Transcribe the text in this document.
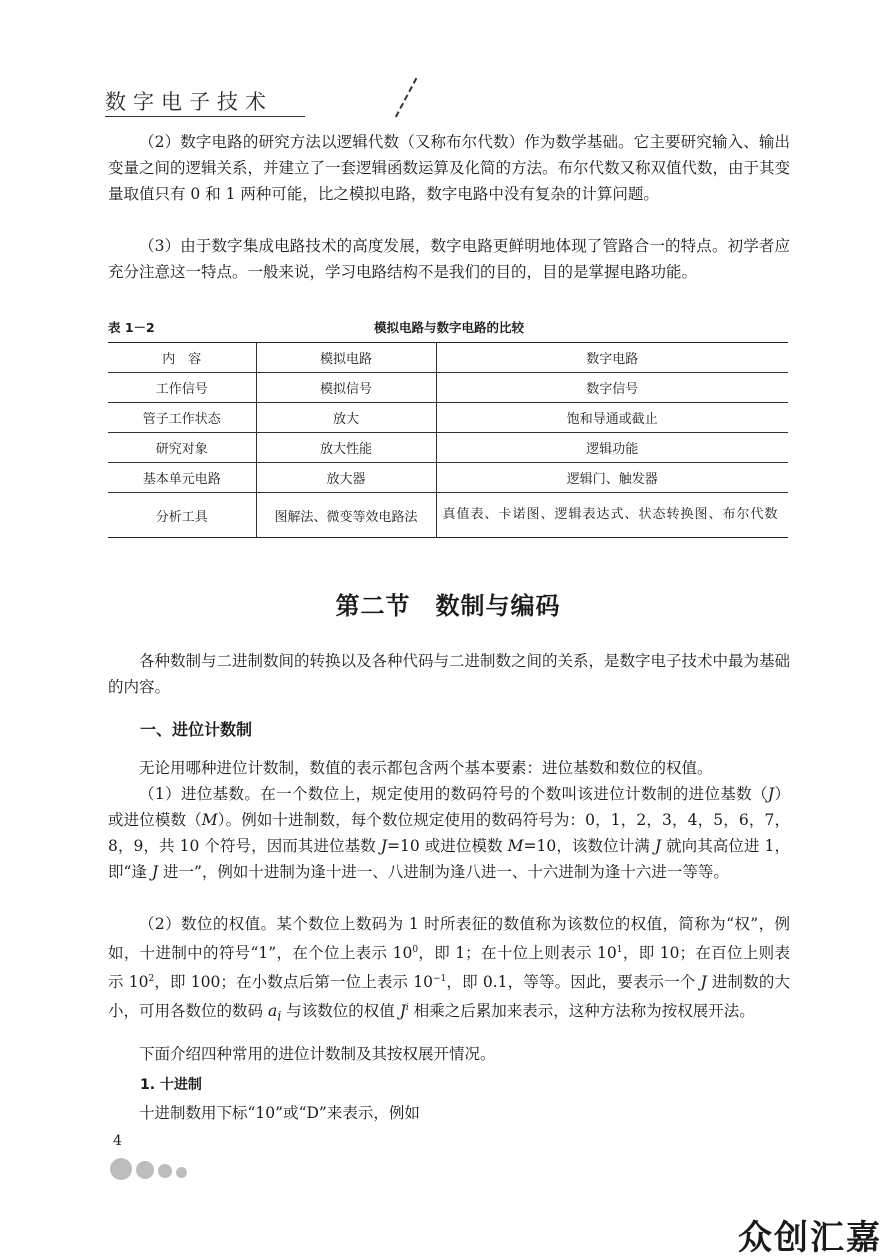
数字电子技术

（2）数字电路的研究方法以逻辑代数（又称布尔代数）作为数学基础。它主要研究输入、输出变量之间的逻辑关系，并建立了一套逻辑函数运算及化简的方法。布尔代数又称双值代数，由于其变量取值只有 0 和 1 两种可能，比之模拟电路，数字电路中没有复杂的计算问题。

（3）由于数字集成电路技术的高度发展，数字电路更鲜明地体现了管路合一的特点。初学者应充分注意这一特点。一般来说，学习电路结构不是我们的目的，目的是掌握电路功能。

表 1－2	模拟电路与数字电路的比较
内　容	模拟电路	数字电路
工作信号	模拟信号	数字信号
管子工作状态	放大	饱和导通或截止
研究对象	放大性能	逻辑功能
基本单元电路	放大器	逻辑门、触发器
分析工具	图解法、微变等效电路法	真值表、卡诺图、逻辑表达式、状态转换图、布尔代数
第二节　数制与编码

各种数制与二进制数间的转换以及各种代码与二进制数之间的关系，是数字电子技术中最为基础的内容。

一、进位计数制

无论用哪种进位计数制，数值的表示都包含两个基本要素：进位基数和数位的权值。

（1）进位基数。在一个数位上，规定使用的数码符号的个数叫该进位计数制的进位基数（J）或进位模数（M）。例如十进制数，每个数位规定使用的数码符号为：0，1，2，3，4，5，6，7，8，9，共 10 个符号，因而其进位基数 J=10 或进位模数 M=10，该数位计满 J 就向其高位进 1，即“逢 J 进一”，例如十进制为逢十进一、八进制为逢八进一、十六进制为逢十六进一等等。

（2）数位的权值。某个数位上数码为 1 时所表征的数值称为该数位的权值，简称为“权”，例如，十进制中的符号“1”，在个位上表示 $10^0$，即 1；在十位上则表示 $10^1$，即 10；在百位上则表示 $10^2$，即 100；在小数点后第一位上表示 $10^{-1}$，即 0.1，等等。因此，要表示一个 J 进制数的大小，可用各数位的数码 $a_i$ 与该数位的权值 $J^i$ 相乘之后累加来表示，这种方法称为按权展开法。

下面介绍四种常用的进位计数制及其按权展开情况。

1. 十进制

十进制数用下标“10”或“D”来表示，例如

4
众创汇嘉
